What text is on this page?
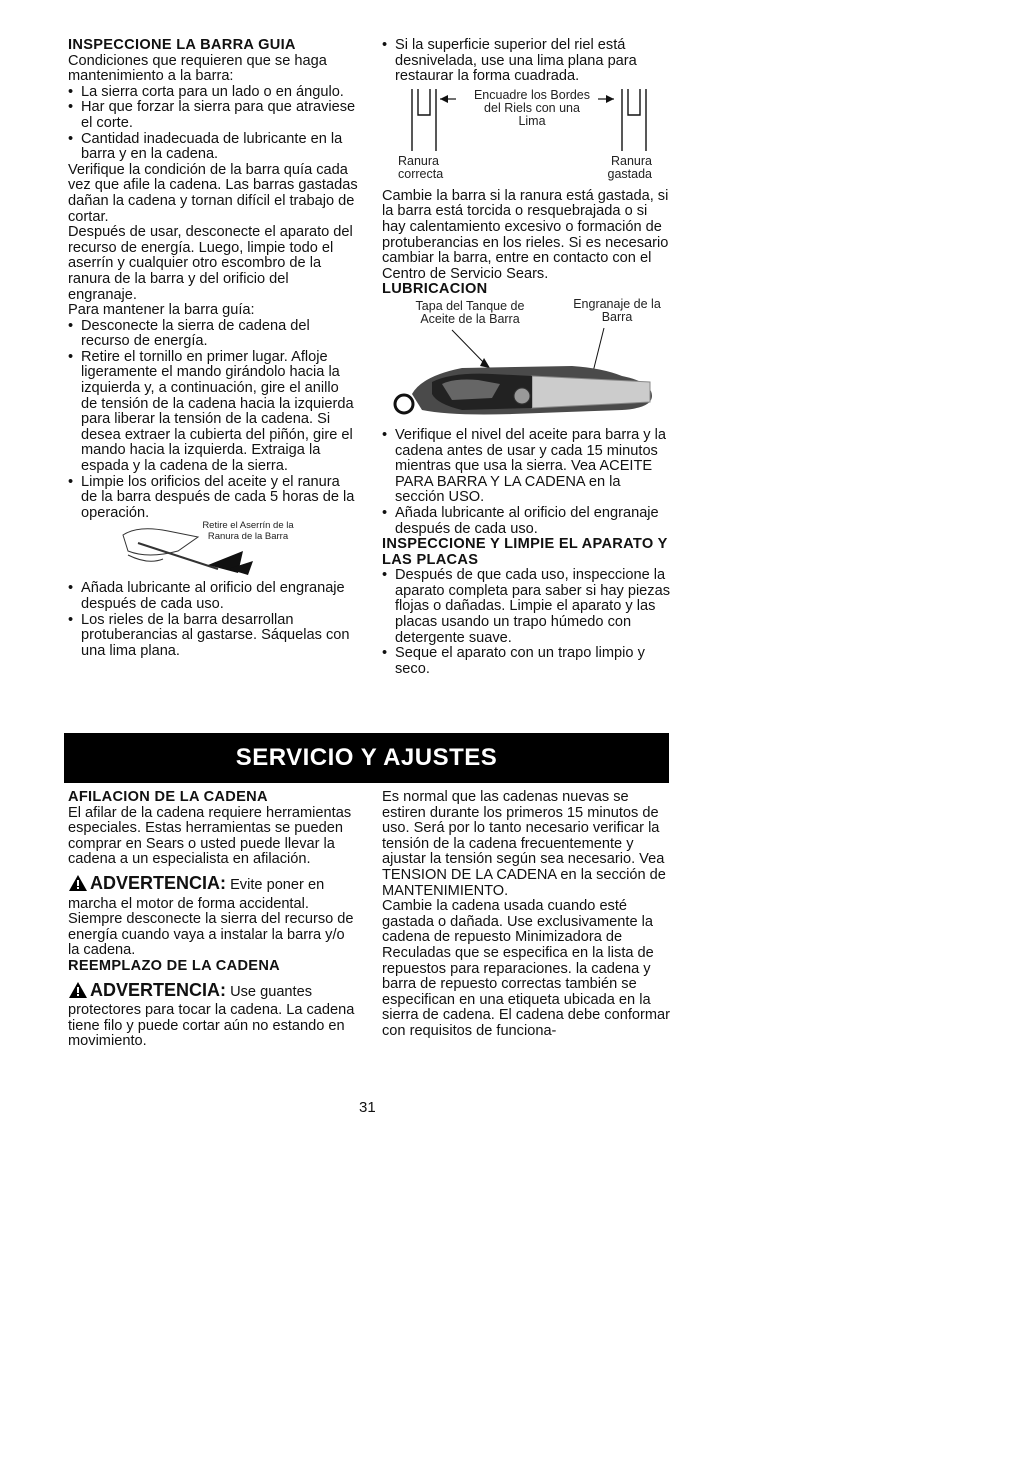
INSPECCIONE LA BARRA GUIA

Condiciones que requieren que se haga mantenimiento a la barra:

• La sierra corta para un lado o en ángulo.
• Har que forzar la sierra para que atraviese el corte.
• Cantidad inadecuada de lubricante en la barra y en la cadena.

Verifique la condición de la barra quía cada vez que afile la cadena. Las barras gastadas dañan la cadena y tornan difícil el trabajo de cortar.

Después de usar, desconecte el aparato del recurso de energía. Luego, limpie todo el aserrín y cualquier otro escombro de la ranura de la barra y del orificio del engranaje.

Para mantener la barra guía:

• Desconecte la sierra de cadena del recurso de energía.
• Retire el tornillo en primer lugar. Afloje ligeramente el mando girándolo hacia la izquierda y, a continuación, gire el anillo de tensión de la cadena hacia la izquierda para liberar la tensión de la cadena. Si desea extraer la cubierta del piñón, gire el mando hacia la izquierda. Extraiga la espada y la cadena de la sierra.
• Limpie los orificios del aceite y el ranura de la barra después de cada 5 horas de la operación.
Retire el Aserrín de la Ranura de la Barra
• Añada lubricante al orificio del engranaje después de cada uso.
• Los rieles de la barra desarrollan protuberancias al gastarse. Sáquelas con una lima plana.
• Si la superficie superior del riel está desnivelada, use una lima plana para restaurar la forma cuadrada.
Encuadre los Bordes del Riels con una Lima
Ranura correcta
Ranura gastada

Cambie la barra si la ranura está gastada, si la barra está torcida o resquebrajada o si hay calentamiento excesivo o formación de protuberancias en los rieles. Si es necesario cambiar la barra, entre en contacto con el Centro de Servicio Sears.

LUBRICACION
Tapa del Tanque de Aceite de la Barra
Engranaje de la Barra
• Verifique el nivel del aceite para barra y la cadena antes de usar y cada 15 minutos mientras que usa la sierra. Vea ACEITE PARA BARRA Y LA CADENA en la sección USO.
• Añada lubricante al orificio del engranaje después de cada uso.
INSPECCIONE Y LIMPIE EL APARATO Y LAS PLACAS
• Después de que cada uso, inspeccione la aparato completa para saber si hay piezas flojas o dañadas. Limpie el aparato y las placas usando un trapo húmedo con detergente suave.
• Seque el aparato con un trapo limpio y seco.
SERVICIO Y AJUSTES
AFILACION DE LA CADENA

El afilar de la cadena requiere herramientas especiales. Estas herramientas se pueden comprar en Sears o usted puede llevar la cadena a un especialista en afilación.

ADVERTENCIA: Evite poner en marcha el motor de forma accidental. Siempre desconecte la sierra del recurso de energía cuando vaya a instalar la barra y/o la cadena.

REEMPLAZO DE LA CADENA

ADVERTENCIA: Use guantes protectores para tocar la cadena. La cadena tiene filo y puede cortar aún no estando en movimiento.

Es normal que las cadenas nuevas se estiren durante los primeros 15 minutos de uso. Será por lo tanto necesario verificar la tensión de la cadena frecuentemente y ajustar la tensión según sea necesario. Vea TENSION DE LA CADENA en la sección de MANTENIMIENTO.

Cambie la cadena usada cuando esté gastada o dañada. Use exclusivamente la cadena de repuesto Minimizadora de Reculadas que se especifica en la lista de repuestos para reparaciones. la cadena y barra de repuesto correctas también se especifican en una etiqueta ubicada en la sierra de cadena. El cadena debe conformar con requisitos de funciona-

31
